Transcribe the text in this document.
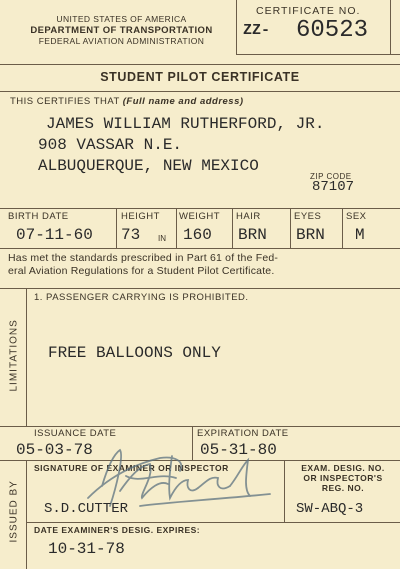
UNITED STATES OF AMERICA
DEPARTMENT OF TRANSPORTATION
FEDERAL AVIATION ADMINISTRATION
CERTIFICATE NO.
ZZ- 60523
STUDENT PILOT CERTIFICATE
THIS CERTIFIES THAT (Full name and address)
JAMES WILLIAM RUTHERFORD, JR.
908 VASSAR N.E.
ALBUQUERQUE, NEW MEXICO
ZIP CODE
87107
BIRTH DATE
07-11-60
HEIGHT
73 IN
WEIGHT
160
HAIR
BRN
EYES
BRN
SEX
M
Has met the standards prescribed in Part 61 of the Fed-
eral Aviation Regulations for a Student Pilot Certificate.
LIMITATIONS
1. PASSENGER CARRYING IS PROHIBITED.
FREE BALLOONS ONLY
ISSUANCE DATE
05-03-78
EXPIRATION DATE
05-31-80
ISSUED BY
SIGNATURE OF EXAMINER OR INSPECTOR
S.D.CUTTER
EXAM. DESIG. NO.
OR INSPECTOR'S
REG. NO.
SW-ABQ-3
DATE EXAMINER'S DESIG. EXPIRES:
10-31-78
